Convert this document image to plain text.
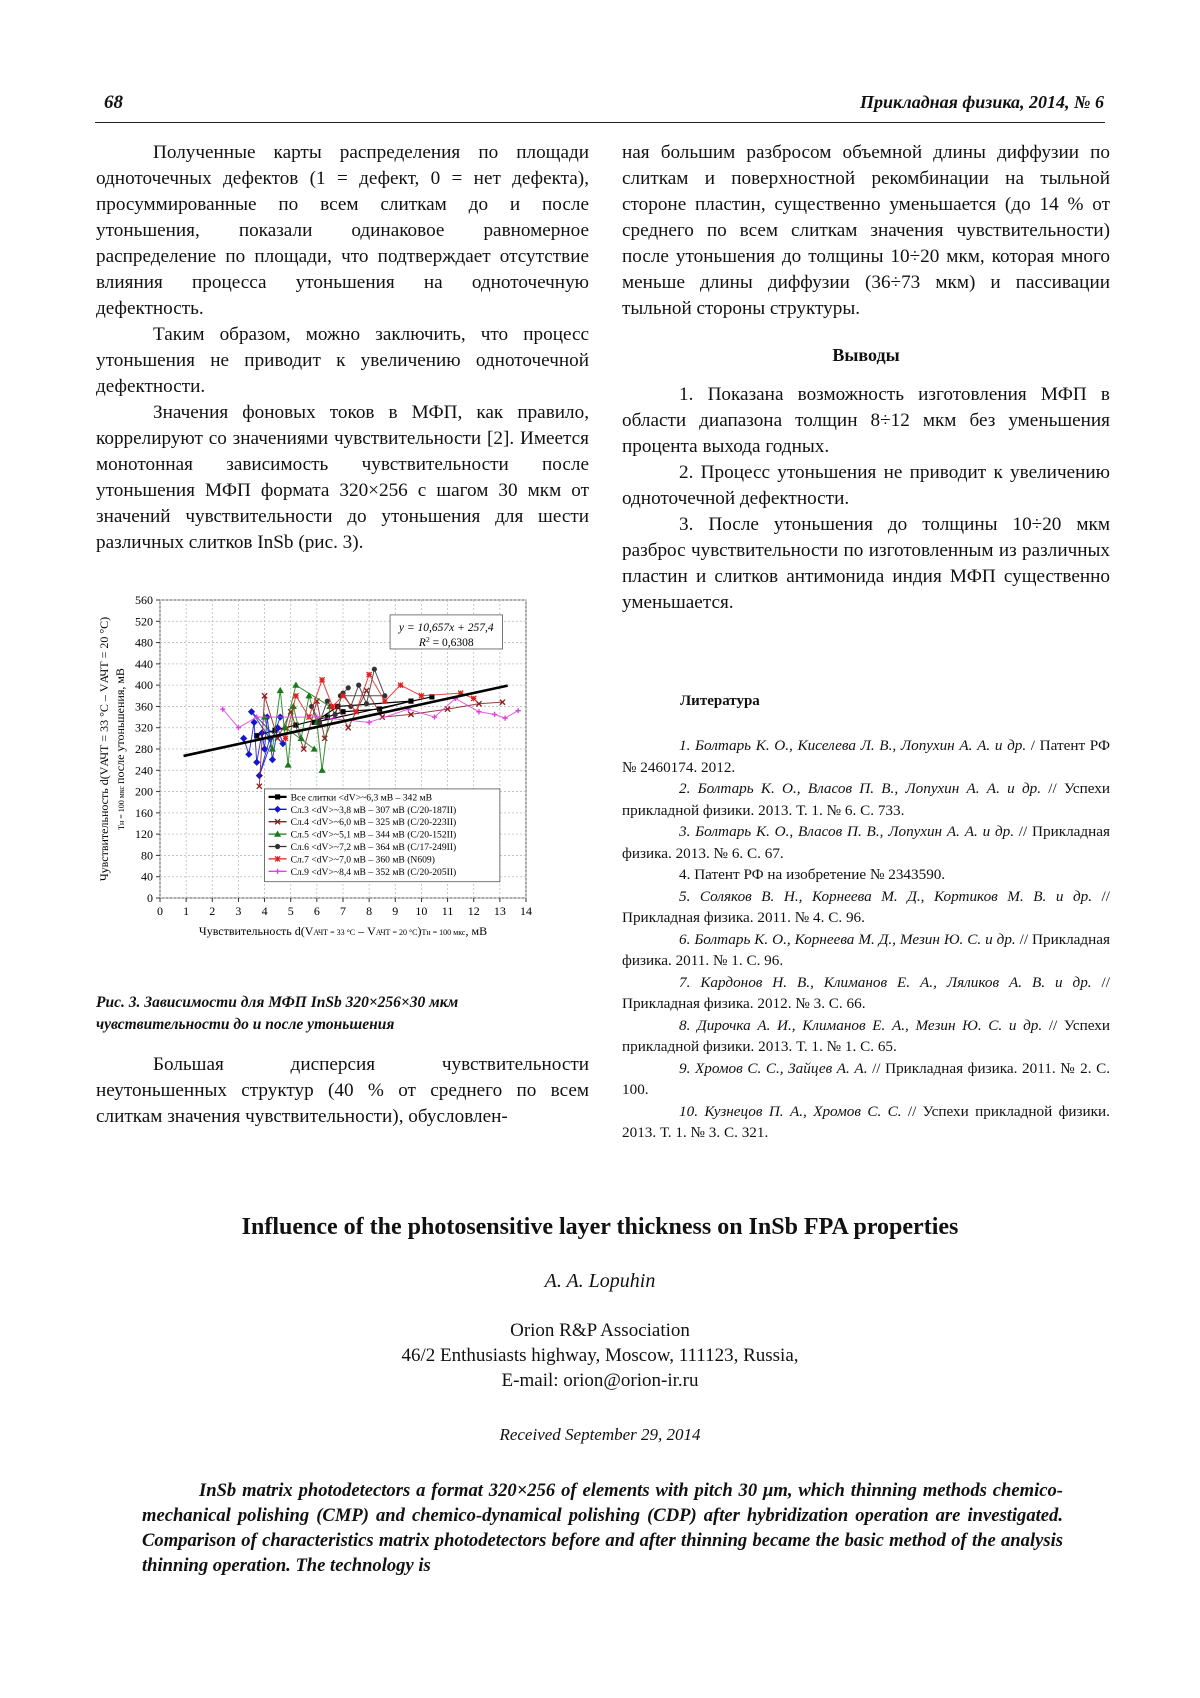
68	Прикладная физика, 2014, № 6

Полученные карты распределения по площади одноточечных дефектов (1 = дефект, 0 = нет дефекта), просуммированные по всем слиткам до и после утоньшения, показали одинаковое равномерное распределение по площади, что подтверждает отсутствие влияния процесса утоньшения на одноточечную дефектность.

Таким образом, можно заключить, что процесс утоньшения не приводит к увеличению одноточечной дефектности.

Значения фоновых токов в МФП, как правило, коррелируют со значениями чувствительности [2]. Имеется монотонная зависимость чувствительности после утоньшения МФП формата 320×256 с шагом 30 мкм от значений чувствительности до утоньшения для шести различных слитков InSb (рис. 3).

0
40
80
120
160
200
240
280
320
360
400
440
480
520
560
0 1 2 3 4 5 6 7 8 9 10 11 12 13 14
Чувствительность d(VАЧТ = 33 °С – VАЧТ = 20 °С)Тн = 100 мкс, мВ
Чувствительность d(VАЧТ = 33 °С – VАЧТ = 20 °С) Тн = 100 мкс после утоньшения, мВ
y = 10,657x + 257,4
$R^2 = 0,6308$
Все слитки <dV>~6,3 мВ – 342 мВ
Сл.3 <dV>~3,8 мВ – 307 мВ (С/20-187II)
Сл.4 <dV>~6,0 мВ – 325 мВ (С/20-223II)
Сл.5 <dV>~5,1 мВ – 344 мВ (С/20-152II)
Сл.6 <dV>~7,2 мВ – 364 мВ (С/17-249II)
Сл.7 <dV>~7,0 мВ – 360 мВ (N609)
Сл.9 <dV>~8,4 мВ – 352 мВ (С/20-205II)
Рис. 3. Зависимости для МФП InSb 320×256×30 мкм чувствительности до и после утоньшения

Большая дисперсия чувствительности неутоньшенных структур (40 % от среднего по всем слиткам значения чувствительности), обусловлен-

ная большим разбросом объемной длины диффузии по слиткам и поверхностной рекомбинации на тыльной стороне пластин, существенно уменьшается (до 14 % от среднего по всем слиткам значения чувствительности) после утоньшения до толщины 10÷20 мкм, которая много меньше длины диффузии (36÷73 мкм) и пассивации тыльной стороны структуры.

Выводы

1. Показана возможность изготовления МФП в области диапазона толщин 8÷12 мкм без уменьшения процента выхода годных.

2. Процесс утоньшения не приводит к увеличению одноточечной дефектности.

3. После утоньшения до толщины 10÷20 мкм разброс чувствительности по изготовленным из различных пластин и слитков антимонида индия МФП существенно уменьшается.

Литература

1. Болтарь К. О., Киселева Л. В., Лопухин А. А. и др. / Патент РФ № 2460174. 2012.

2. Болтарь К. О., Власов П. В., Лопухин А. А. и др. // Успехи прикладной физики. 2013. Т. 1. № 6. С. 733.

3. Болтарь К. О., Власов П. В., Лопухин А. А. и др. // Прикладная физика. 2013. № 6. С. 67.

4. Патент РФ на изобретение № 2343590.

5. Соляков В. Н., Корнеева М. Д., Кортиков М. В. и др. // Прикладная физика. 2011. № 4. С. 96.

6. Болтарь К. О., Корнеева М. Д., Мезин Ю. С. и др. // Прикладная физика. 2011. № 1. С. 96.

7. Кардонов Н. В., Климанов Е. А., Ляликов А. В. и др. // Прикладная физика. 2012. № 3. С. 66.

8. Дирочка А. И., Климанов Е. А., Мезин Ю. С. и др. // Успехи прикладной физики. 2013. Т. 1. № 1. С. 65.

9. Хромов С. С., Зайцев А. А. // Прикладная физика. 2011. № 2. С. 100.

10. Кузнецов П. А., Хромов С. С. // Успехи прикладной физики. 2013. Т. 1. № 3. С. 321.

Influence of the photosensitive layer thickness on InSb FPA properties
A. A. Lopuhin
Orion R&P Association
46/2 Enthusiasts highway, Moscow, 111123, Russia,
E-mail: orion@orion-ir.ru
Received September 29, 2014

InSb matrix photodetectors a format 320×256 of elements with pitch 30 μm, which thinning methods chemico-mechanical polishing (CMP) and chemico-dynamical polishing (CDP) after hybridization operation are investigated. Comparison of characteristics matrix photodetectors before and after thinning became the basic method of the analysis thinning operation. The technology is
